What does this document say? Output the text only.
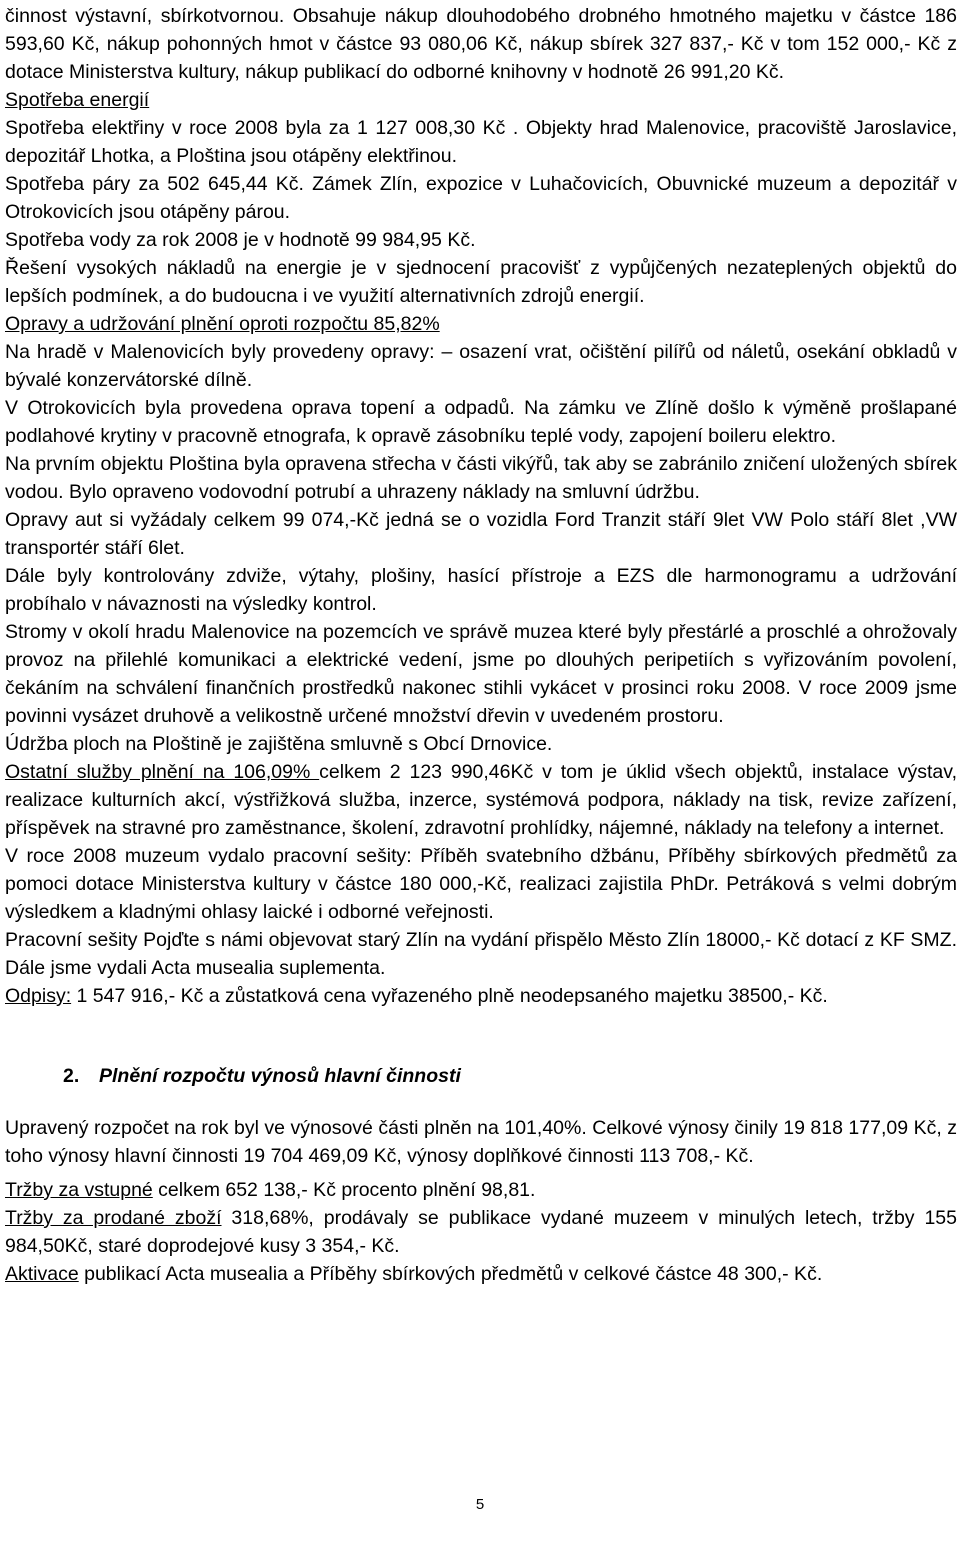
činnost výstavní, sbírkotvornou. Obsahuje nákup dlouhodobého drobného hmotného majetku v částce 186 593,60 Kč, nákup pohonných hmot v částce 93 080,06 Kč, nákup sbírek 327 837,- Kč v tom 152 000,- Kč z dotace Ministerstva kultury, nákup publikací do odborné knihovny v hodnotě 26 991,20 Kč.

Spotřeba energií

Spotřeba elektřiny v roce 2008 byla za 1 127 008,30 Kč . Objekty hrad Malenovice, pracoviště Jaroslavice, depozitář Lhotka, a Ploština jsou otápěny elektřinou.

Spotřeba páry za 502 645,44 Kč. Zámek Zlín, expozice v Luhačovicích, Obuvnické muzeum a depozitář v Otrokovicích jsou otápěny párou.

Spotřeba vody za rok 2008 je v hodnotě 99 984,95 Kč.

Řešení vysokých nákladů na energie je v sjednocení pracovišť z vypůjčených nezateplených objektů do lepších podmínek, a do budoucna i ve využití alternativních zdrojů energií.

Opravy a udržování plnění oproti rozpočtu 85,82%

Na hradě v Malenovicích byly provedeny opravy: – osazení vrat, očištění pilířů od náletů, osekání obkladů v bývalé konzervátorské dílně.

V Otrokovicích byla provedena oprava topení a odpadů. Na zámku ve Zlíně došlo k výměně prošlapané podlahové krytiny v pracovně etnografa, k opravě zásobníku teplé vody, zapojení boileru elektro.

Na prvním objektu Ploština byla opravena střecha v části vikýřů, tak aby se zabránilo zničení uložených sbírek vodou. Bylo opraveno vodovodní potrubí a uhrazeny náklady na smluvní údržbu.

Opravy aut si vyžádaly celkem 99 074,-Kč jedná se o vozidla Ford Tranzit stáří 9let VW Polo stáří 8let ,VW transportér stáří 6let.

Dále byly kontrolovány zdviže, výtahy, plošiny, hasící přístroje a EZS dle harmonogramu a udržování probíhalo v návaznosti na výsledky kontrol.

Stromy v okolí hradu Malenovice na pozemcích ve správě muzea které byly přestárlé a proschlé a ohrožovaly provoz na přilehlé komunikaci a elektrické vedení, jsme po dlouhých peripetiích s vyřizováním povolení, čekáním na schválení finančních prostředků nakonec stihli vykácet v prosinci roku 2008. V roce 2009 jsme povinni vysázet druhově a velikostně určené množství dřevin v uvedeném prostoru.

Údržba ploch na Ploštině je zajištěna smluvně s Obcí Drnovice.

Ostatní služby plnění na 106,09% celkem 2 123 990,46Kč v tom je úklid všech objektů, instalace výstav, realizace kulturních akcí, výstřižková služba, inzerce, systémová podpora, náklady na tisk, revize zařízení, příspěvek na stravné pro zaměstnance, školení, zdravotní prohlídky, nájemné, náklady na telefony a internet.

V roce 2008 muzeum vydalo pracovní sešity: Příběh svatebního džbánu, Příběhy sbírkových předmětů za pomoci dotace Ministerstva kultury v částce 180 000,-Kč, realizaci zajistila PhDr. Petráková s velmi dobrým výsledkem a kladnými ohlasy laické i odborné veřejnosti.

Pracovní sešity Pojďte s námi objevovat starý Zlín na vydání přispělo Město Zlín 18000,- Kč dotací z KF SMZ. Dále jsme vydali Acta musealia suplementa.

Odpisy: 1 547 916,- Kč a zůstatková cena vyřazeného plně neodepsaného majetku 38500,- Kč.

2. Plnění rozpočtu výnosů hlavní činnosti

Upravený rozpočet na rok byl ve výnosové části plněn na 101,40%. Celkové výnosy činily 19 818 177,09 Kč, z toho výnosy hlavní činnosti 19 704 469,09 Kč, výnosy doplňkové činnosti 113 708,- Kč.

Tržby za vstupné celkem 652 138,- Kč procento plnění 98,81.

Tržby za prodané zboží 318,68%, prodávaly se publikace vydané muzeem v minulých letech, tržby 155 984,50Kč, staré doprodejové kusy 3 354,- Kč.

Aktivace publikací Acta musealia a Příběhy sbírkových předmětů v celkové částce 48 300,- Kč.

5
